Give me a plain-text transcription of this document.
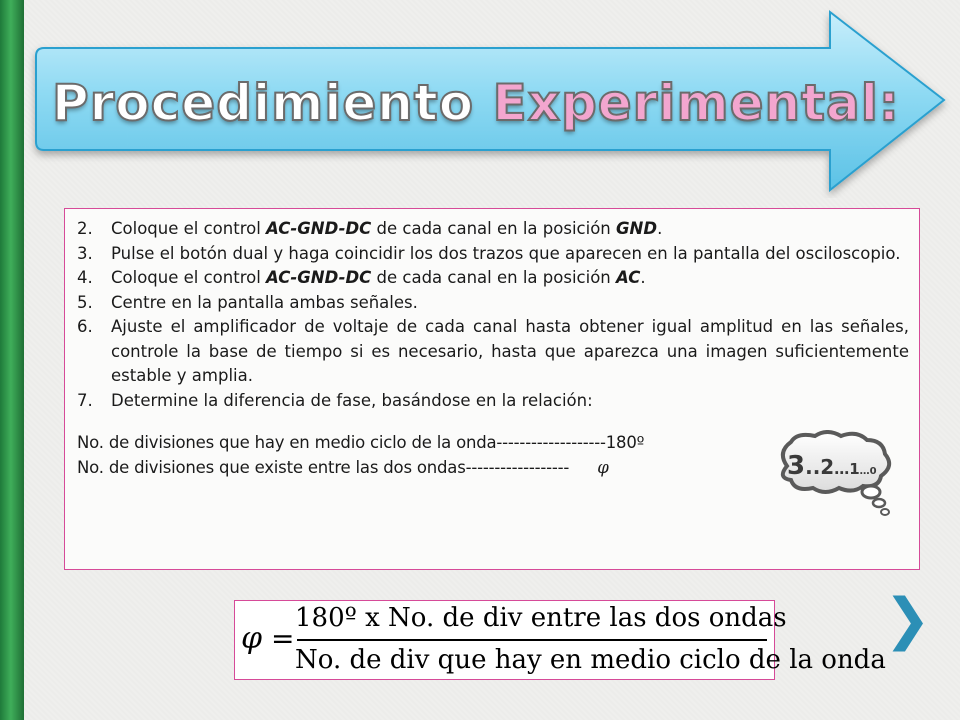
Procedimiento Experimental:
2. Coloque el control AC-GND-DC de cada canal en la posición GND.
3. Pulse el botón dual y haga coincidir los dos trazos que aparecen en la pantalla del osciloscopio.
4. Coloque el control AC-GND-DC de cada canal en la posición AC.
5. Centre en la pantalla ambas señales.
6. Ajuste el amplificador de voltaje de cada canal hasta obtener igual amplitud en las señales, controle la base de tiempo si es necesario, hasta que aparezca una imagen suficientemente estable y amplia.
7. Determine la diferencia de fase, basándose en la relación:
No. de divisiones que hay en medio ciclo de la onda-------------------180º
No. de divisiones que existe entre las dos ondas------------------ φ	3..2…1…0
φ =
180º x No. de div entre las dos ondas
No. de div que hay en medio ciclo de la onda
❯
